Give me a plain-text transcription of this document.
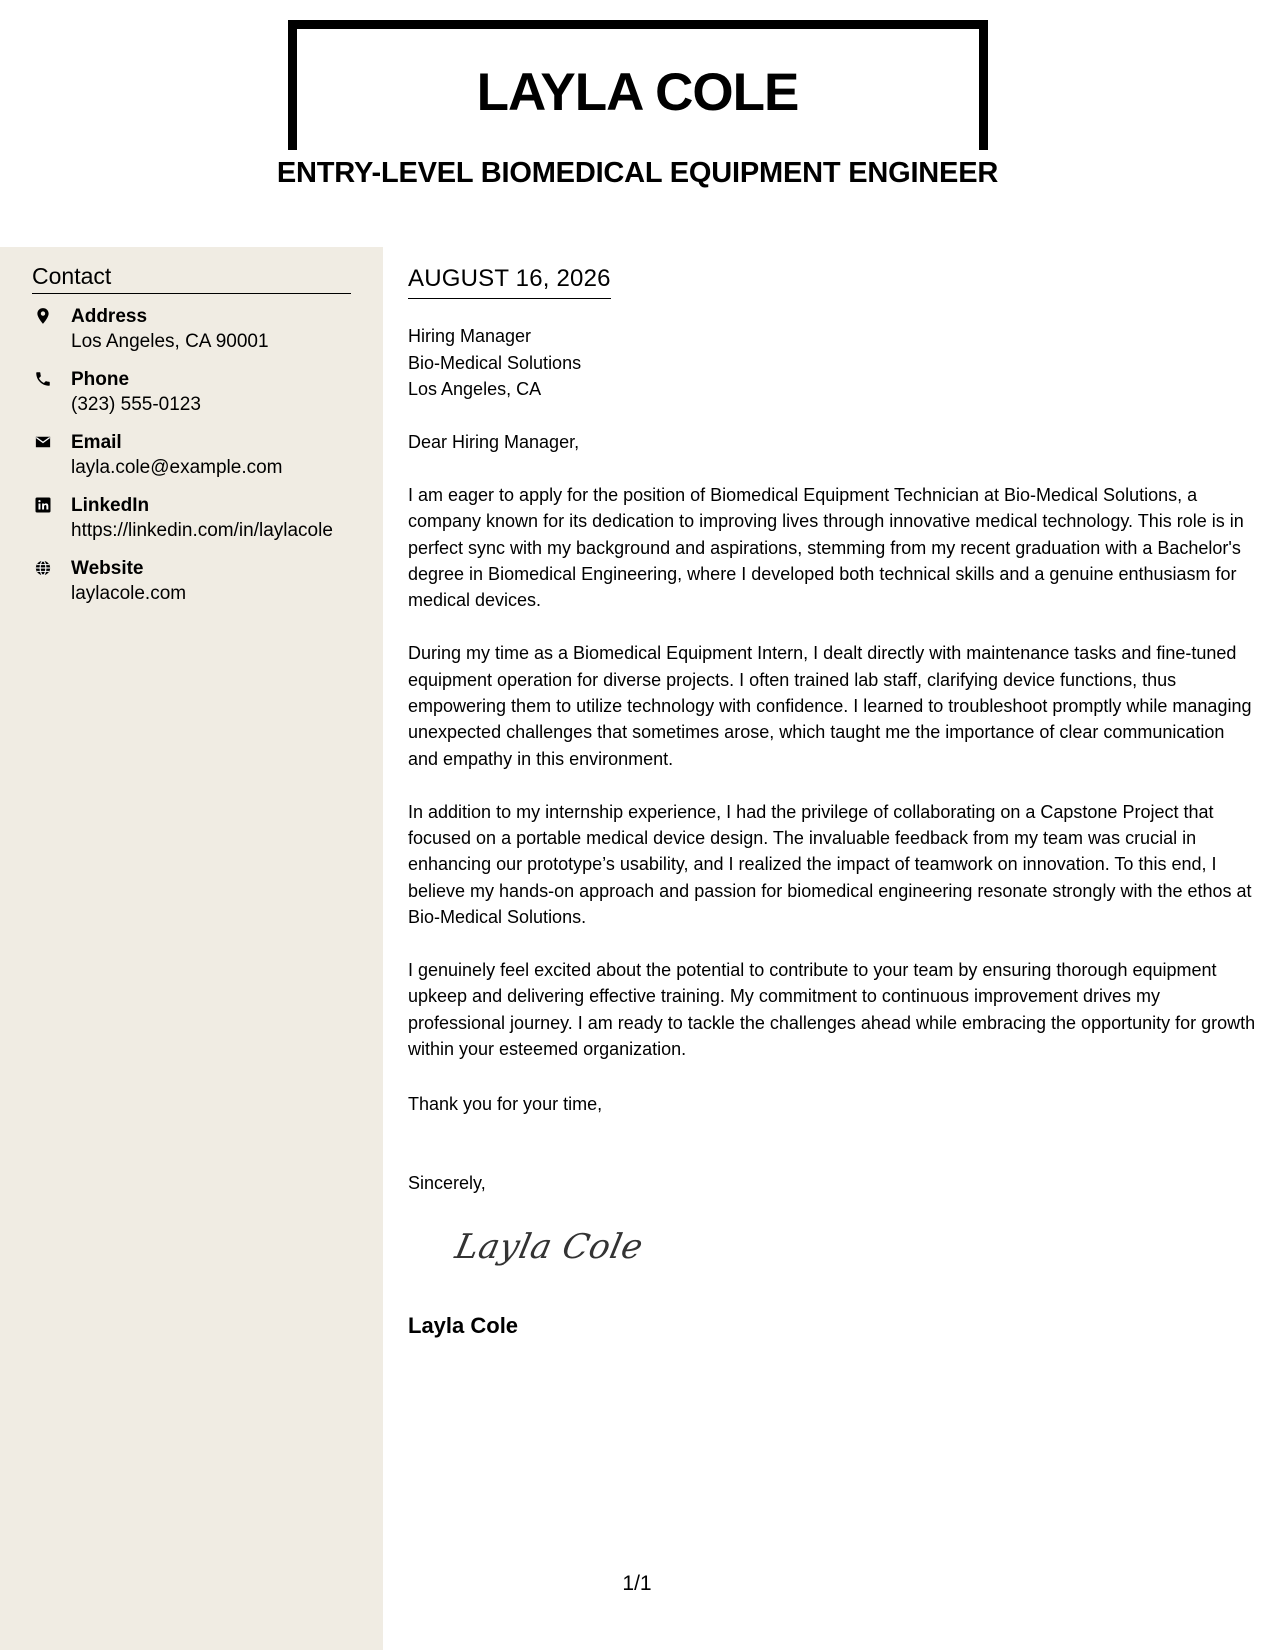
LAYLA COLE
ENTRY-LEVEL BIOMEDICAL EQUIPMENT ENGINEER
Contact
Address
Los Angeles, CA 90001
Phone
(323) 555-0123
Email
layla.cole@example.com
LinkedIn
https://linkedin.com/in/laylacole
Website
laylacole.com
AUGUST 16, 2026
Hiring Manager
Bio-Medical Solutions
Los Angeles, CA
Dear Hiring Manager,

I am eager to apply for the position of Biomedical Equipment Technician at Bio-Medical Solutions, a company known for its dedication to improving lives through innovative medical technology. This role is in perfect sync with my background and aspirations, stemming from my recent graduation with a Bachelor's degree in Biomedical Engineering, where I developed both technical skills and a genuine enthusiasm for medical devices.

During my time as a Biomedical Equipment Intern, I dealt directly with maintenance tasks and fine-tuned equipment operation for diverse projects. I often trained lab staff, clarifying device functions, thus empowering them to utilize technology with confidence. I learned to troubleshoot promptly while managing unexpected challenges that sometimes arose, which taught me the importance of clear communication and empathy in this environment.

In addition to my internship experience, I had the privilege of collaborating on a Capstone Project that focused on a portable medical device design. The invaluable feedback from my team was crucial in enhancing our prototype’s usability, and I realized the impact of teamwork on innovation. To this end, I believe my hands-on approach and passion for biomedical engineering resonate strongly with the ethos at Bio-Medical Solutions.

I genuinely feel excited about the potential to contribute to your team by ensuring thorough equipment upkeep and delivering effective training. My commitment to continuous improvement drives my professional journey. I am ready to tackle the challenges ahead while embracing the opportunity for growth within your esteemed organization.

Thank you for your time,
Sincerely,
Layla Cole
Layla Cole
1/1
